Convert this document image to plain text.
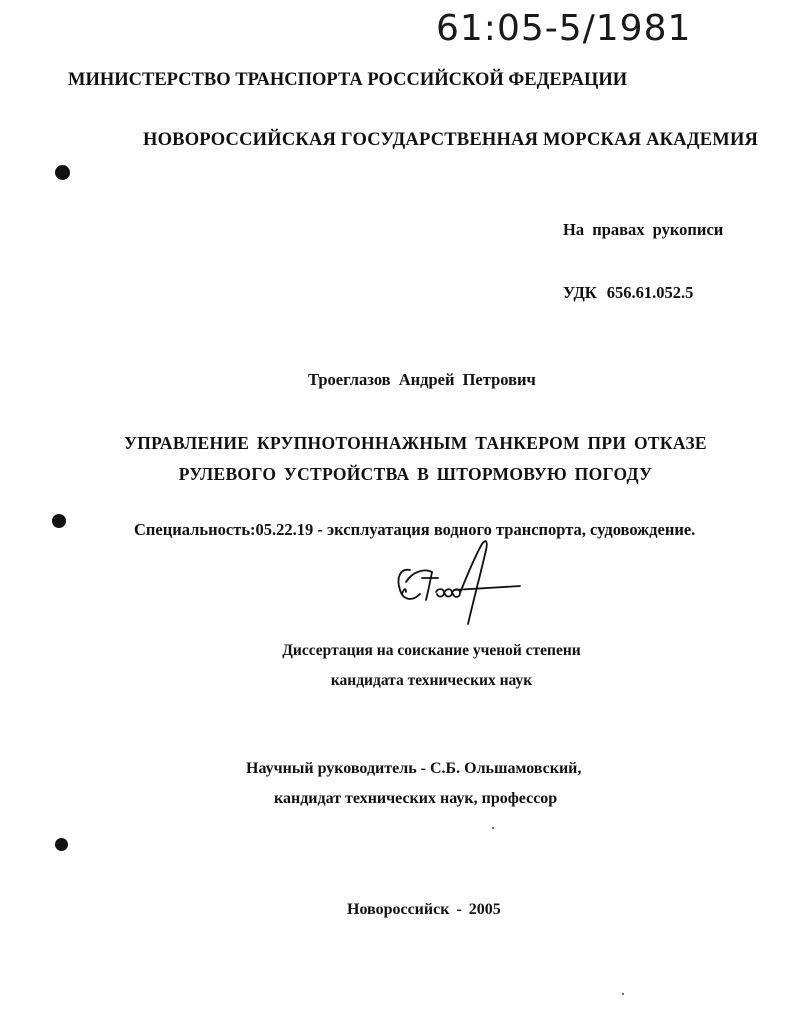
61:05-5/1981
МИНИСТЕРСТВО ТРАНСПОРТА РОССИЙСКОЙ ФЕДЕРАЦИИ
НОВОРОССИЙСКАЯ ГОСУДАРСТВЕННАЯ МОРСКАЯ АКАДЕМИЯ
На правах рукописи
УДК 656.61.052.5
Троеглазов Андрей Петрович
УПРАВЛЕНИЕ КРУПНОТОННАЖНЫМ ТАНКЕРОМ ПРИ ОТКАЗЕ
РУЛЕВОГО УСТРОЙСТВА В ШТОРМОВУЮ ПОГОДУ
Специальность:05.22.19 - эксплуатация водного транспорта, судовождение.
Диссертация на соискание ученой степени
кандидата технических наук
Научный руководитель - С.Б. Ольшамовский,
кандидат технических наук, профессор
Новороссийск - 2005
